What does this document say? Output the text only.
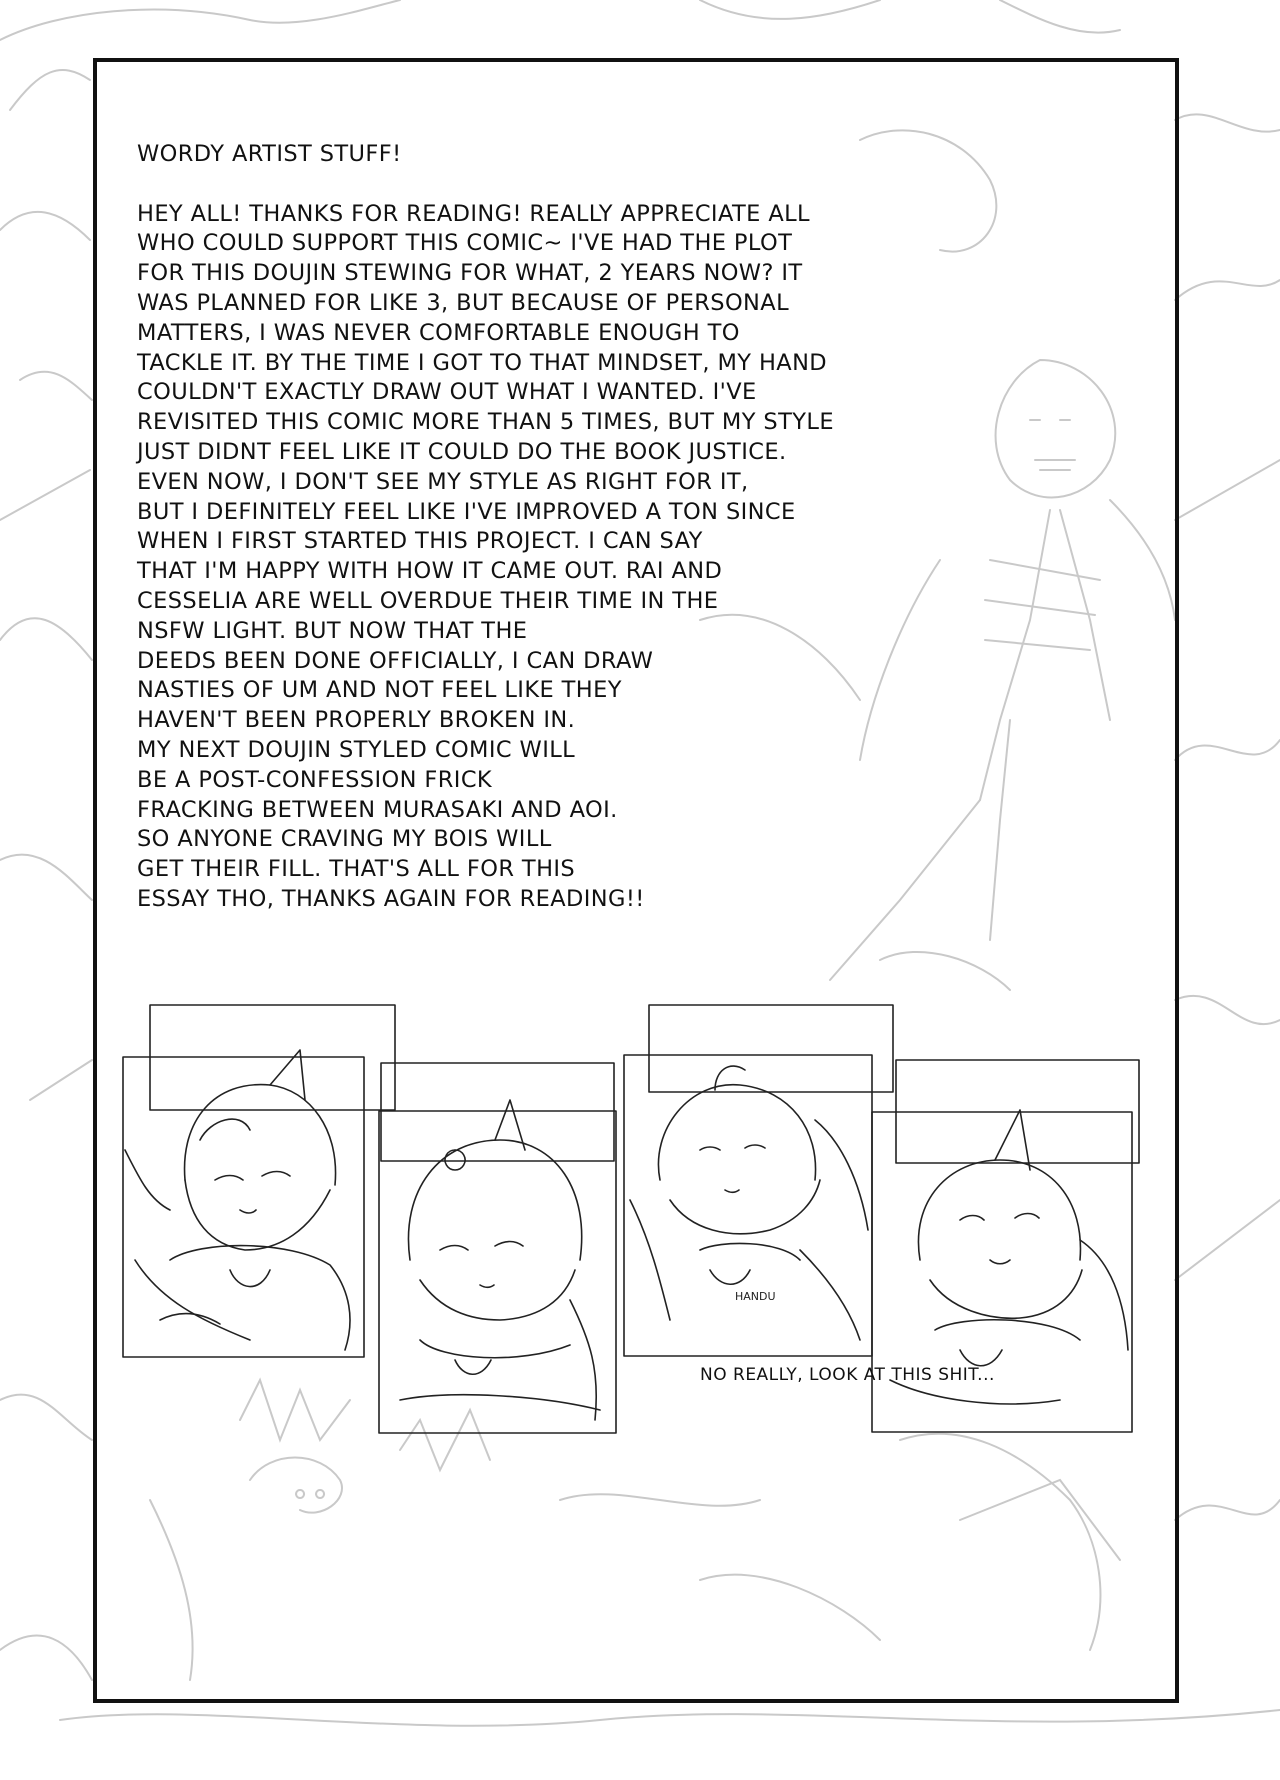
WORDY ARTIST STUFF!
HEY ALL! THANKS FOR READING! REALLY APPRECIATE ALL
WHO COULD SUPPORT THIS COMIC~ I'VE HAD THE PLOT
FOR THIS DOUJIN STEWING FOR WHAT, 2 YEARS NOW? IT
WAS PLANNED FOR LIKE 3, BUT BECAUSE OF PERSONAL
MATTERS, I WAS NEVER COMFORTABLE ENOUGH TO
TACKLE IT. BY THE TIME I GOT TO THAT MINDSET, MY HAND
COULDN'T EXACTLY DRAW OUT WHAT I WANTED. I'VE
REVISITED THIS COMIC MORE THAN 5 TIMES, BUT MY STYLE
JUST DIDNT FEEL LIKE IT COULD DO THE BOOK JUSTICE.
EVEN NOW, I DON'T SEE MY STYLE AS RIGHT FOR IT,
BUT I DEFINITELY FEEL LIKE I'VE IMPROVED A TON SINCE
WHEN I FIRST STARTED THIS PROJECT. I CAN SAY
THAT I'M HAPPY WITH HOW IT CAME OUT. RAI AND
CESSELIA ARE WELL OVERDUE THEIR TIME IN THE
NSFW LIGHT. BUT NOW THAT THE
DEEDS BEEN DONE OFFICIALLY, I CAN DRAW
NASTIES OF UM AND NOT FEEL LIKE THEY
HAVEN'T BEEN PROPERLY BROKEN IN.
MY NEXT DOUJIN STYLED COMIC WILL
BE A POST-CONFESSION FRICK
FRACKING BETWEEN MURASAKI AND AOI.
SO ANYONE CRAVING MY BOIS WILL
GET THEIR FILL. THAT'S ALL FOR THIS
ESSAY THO, THANKS AGAIN FOR READING!!
HANDU
NO REALLY, LOOK AT THIS SHIT...
